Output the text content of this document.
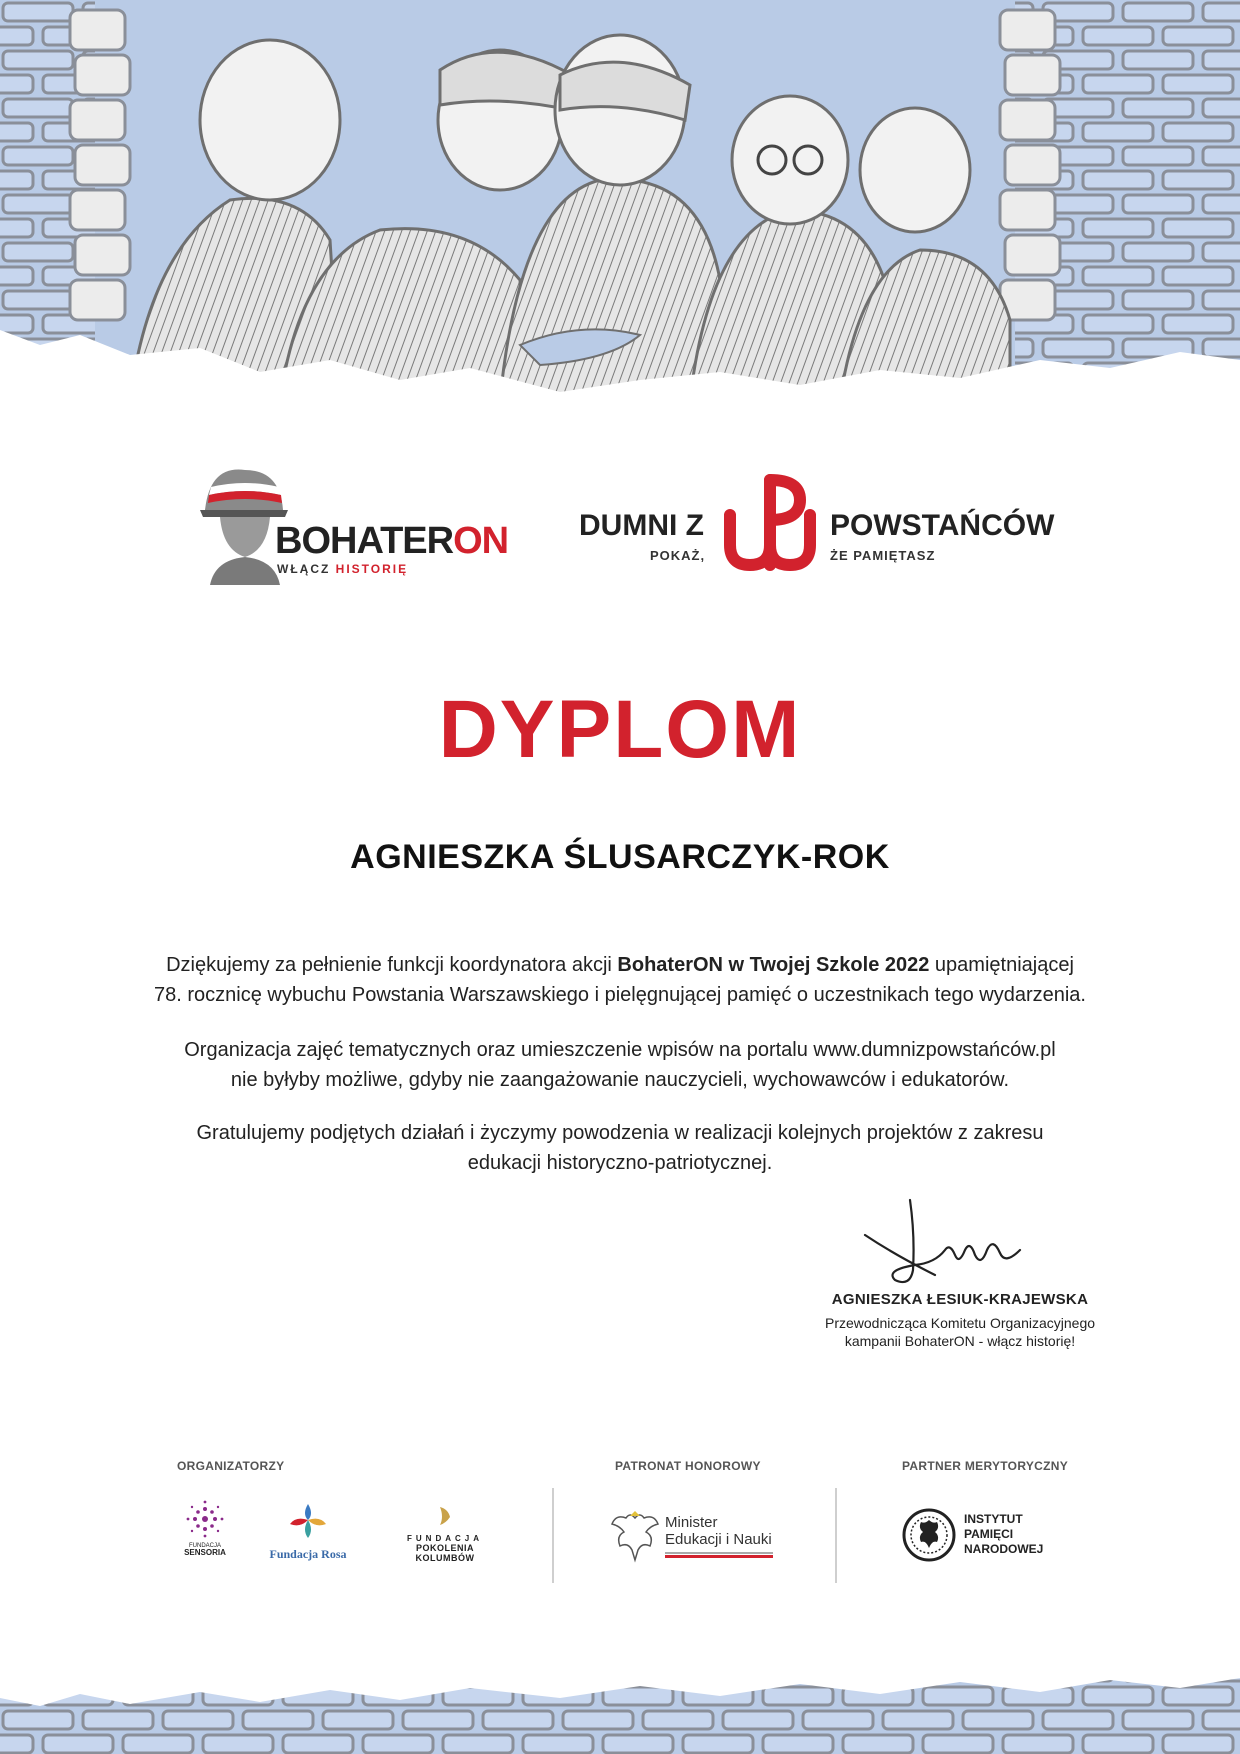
BOHATERON
WŁĄCZ HISTORIĘ
DUMNI Z
POKAŻ,
POWSTAŃCÓW
ŻE PAMIĘTASZ
DYPLOM
AGNIESZKA ŚLUSARCZYK-ROK
Dziękujemy za pełnienie funkcji koordynatora akcji BohaterON w Twojej Szkole 2022 upamiętniającej
78. rocznicę wybuchu Powstania Warszawskiego i pielęgnującej pamięć o uczestnikach tego wydarzenia.
Organizacja zajęć tematycznych oraz umieszczenie wpisów na portalu www.dumnizpowstańców.pl
nie byłyby możliwe, gdyby nie zaangażowanie nauczycieli, wychowawców i edukatorów.
Gratulujemy podjętych działań i życzymy powodzenia w realizacji kolejnych projektów z zakresu
edukacji historyczno-patriotycznej.
AGNIESZKA ŁESIUK-KRAJEWSKA
Przewodnicząca Komitetu Organizacyjnego
kampanii BohaterON - włącz historię!
ORGANIZATORZY	PATRONAT HONOROWY	PARTNER MERYTORYCZNY
FUNDACJA
SENSORIA	Fundacja Rosa
FUNDACJA
POKOLENIA KOLUMBÓW
Minister
Edukacji i Nauki
INSTYTUT
PAMIĘCI
NARODOWEJ
